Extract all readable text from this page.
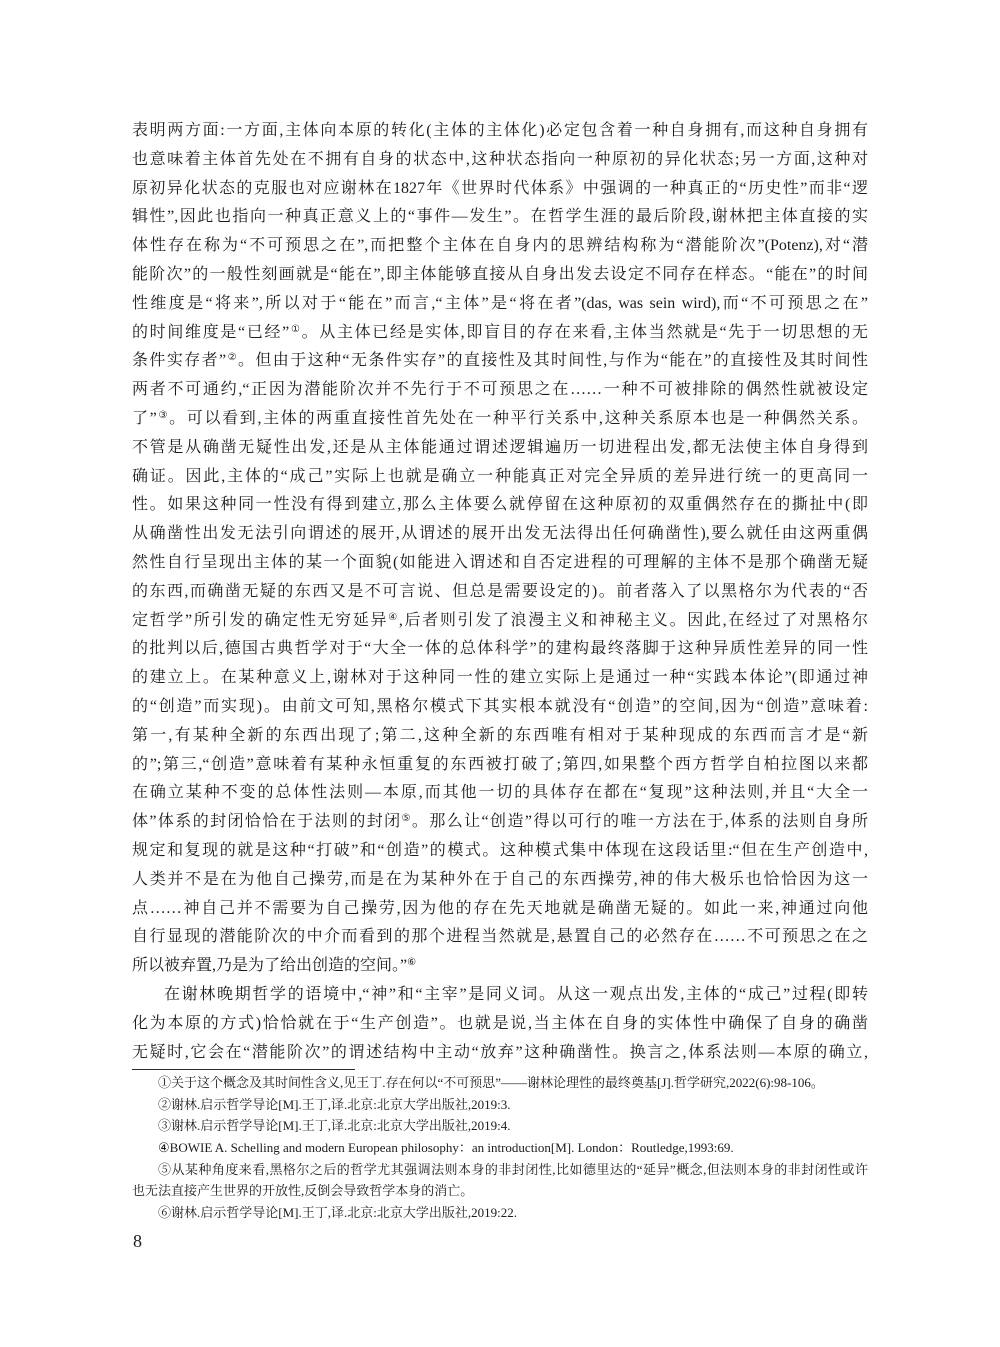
表明两方面:一方面,主体向本原的转化(主体的主体化)必定包含着一种自身拥有,而这种自身拥有
也意味着主体首先处在不拥有自身的状态中,这种状态指向一种原初的异化状态;另一方面,这种对
原初异化状态的克服也对应谢林在1827年《世界时代体系》中强调的一种真正的“历史性”而非“逻
辑性”,因此也指向一种真正意义上的“事件—发生”。在哲学生涯的最后阶段,谢林把主体直接的实
体性存在称为“不可预思之在”,而把整个主体在自身内的思辨结构称为“潜能阶次”(Potenz),对“潜
能阶次”的一般性刻画就是“能在”,即主体能够直接从自身出发去设定不同存在样态。“能在”的时间
性维度是“将来”,所以对于“能在”而言,“主体”是“将在者”(das, was sein wird),而“不可预思之在”
的时间维度是“已经”①。从主体已经是实体,即盲目的存在来看,主体当然就是“先于一切思想的无
条件实存者”②。但由于这种“无条件实存”的直接性及其时间性,与作为“能在”的直接性及其时间性
两者不可通约,“正因为潜能阶次并不先行于不可预思之在……一种不可被排除的偶然性就被设定
了”③。可以看到,主体的两重直接性首先处在一种平行关系中,这种关系原本也是一种偶然关系。
不管是从确凿无疑性出发,还是从主体能通过谓述逻辑遍历一切进程出发,都无法使主体自身得到
确证。因此,主体的“成己”实际上也就是确立一种能真正对完全异质的差异进行统一的更高同一
性。如果这种同一性没有得到建立,那么主体要么就停留在这种原初的双重偶然存在的撕扯中(即
从确凿性出发无法引向谓述的展开,从谓述的展开出发无法得出任何确凿性),要么就任由这两重偶
然性自行呈现出主体的某一个面貌(如能进入谓述和自否定进程的可理解的主体不是那个确凿无疑
的东西,而确凿无疑的东西又是不可言说、但总是需要设定的)。前者落入了以黑格尔为代表的“否
定哲学”所引发的确定性无穷延异④,后者则引发了浪漫主义和神秘主义。因此,在经过了对黑格尔
的批判以后,德国古典哲学对于“大全一体的总体科学”的建构最终落脚于这种异质性差异的同一性
的建立上。在某种意义上,谢林对于这种同一性的建立实际上是通过一种“实践本体论”(即通过神
的“创造”而实现)。由前文可知,黑格尔模式下其实根本就没有“创造”的空间,因为“创造”意味着:
第一,有某种全新的东西出现了;第二,这种全新的东西唯有相对于某种现成的东西而言才是“新
的”;第三,“创造”意味着有某种永恒重复的东西被打破了;第四,如果整个西方哲学自柏拉图以来都
在确立某种不变的总体性法则—本原,而其他一切的具体存在都在“复现”这种法则,并且“大全一
体”体系的封闭恰恰在于法则的封闭⑤。那么让“创造”得以可行的唯一方法在于,体系的法则自身所
规定和复现的就是这种“打破”和“创造”的模式。这种模式集中体现在这段话里:“但在生产创造中,
人类并不是在为他自己操劳,而是在为某种外在于自己的东西操劳,神的伟大极乐也恰恰因为这一
点……神自己并不需要为自己操劳,因为他的存在先天地就是确凿无疑的。如此一来,神通过向他
自行显现的潜能阶次的中介而看到的那个进程当然就是,悬置自己的必然存在……不可预思之在之
所以被弃置,乃是为了给出创造的空间。”⑥
在谢林晚期哲学的语境中,“神”和“主宰”是同义词。从这一观点出发,主体的“成己”过程(即转
化为本原的方式)恰恰就在于“生产创造”。也就是说,当主体在自身的实体性中确保了自身的确凿
无疑时,它会在“潜能阶次”的谓述结构中主动“放弃”这种确凿性。换言之,体系法则—本原的确立,
①关于这个概念及其时间性含义,见王丁.存在何以“不可预思”——谢林论理性的最终奠基[J].哲学研究,2022(6):98-106。
②谢林.启示哲学导论[M].王丁,译.北京:北京大学出版社,2019:3.
③谢林.启示哲学导论[M].王丁,译.北京:北京大学出版社,2019:4.
④BOWIE A. Schelling and modern European philosophy：an introduction[M]. London：Routledge,1993:69.
⑤从某种角度来看,黑格尔之后的哲学尤其强调法则本身的非封闭性,比如德里达的“延异”概念,但法则本身的非封闭性或许
也无法直接产生世界的开放性,反倒会导致哲学本身的消亡。
⑥谢林.启示哲学导论[M].王丁,译.北京:北京大学出版社,2019:22.
8
